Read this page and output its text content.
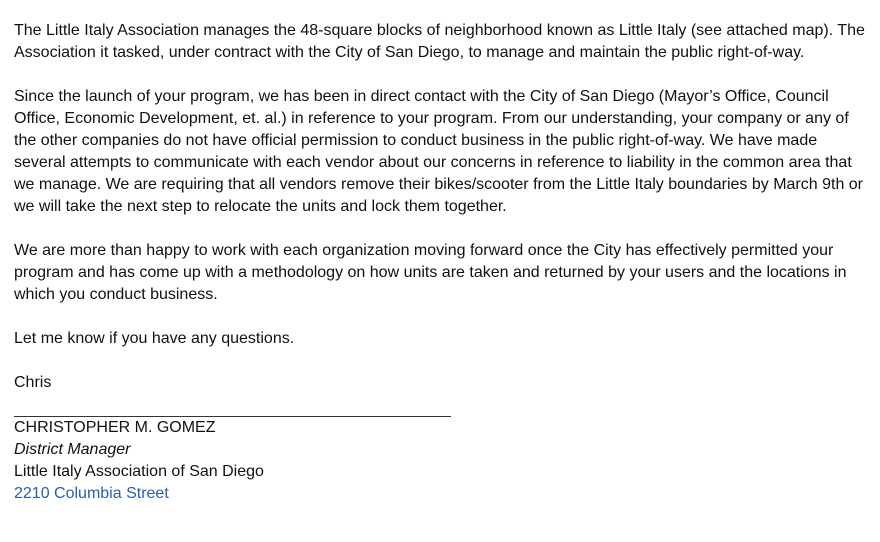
The Little Italy Association manages the 48-square blocks of neighborhood known as Little Italy (see attached map). The Association it tasked, under contract with the City of San Diego, to manage and maintain the public right-of-way.

Since the launch of your program, we has been in direct contact with the City of San Diego (Mayor’s Office, Council Office, Economic Development, et. al.) in reference to your program. From our understanding, your company or any of the other companies do not have official permission to conduct business in the public right-of-way. We have made several attempts to communicate with each vendor about our concerns in reference to liability in the common area that we manage. We are requiring that all vendors remove their bikes/scooter from the Little Italy boundaries by March 9th or we will take the next step to relocate the units and lock them together.

We are more than happy to work with each organization moving forward once the City has effectively permitted your program and has come up with a methodology on how units are taken and returned by your users and the locations in which you conduct business.

Let me know if you have any questions.

Chris

CHRISTOPHER M. GOMEZ

District Manager

Little Italy Association of San Diego

2210 Columbia Street
